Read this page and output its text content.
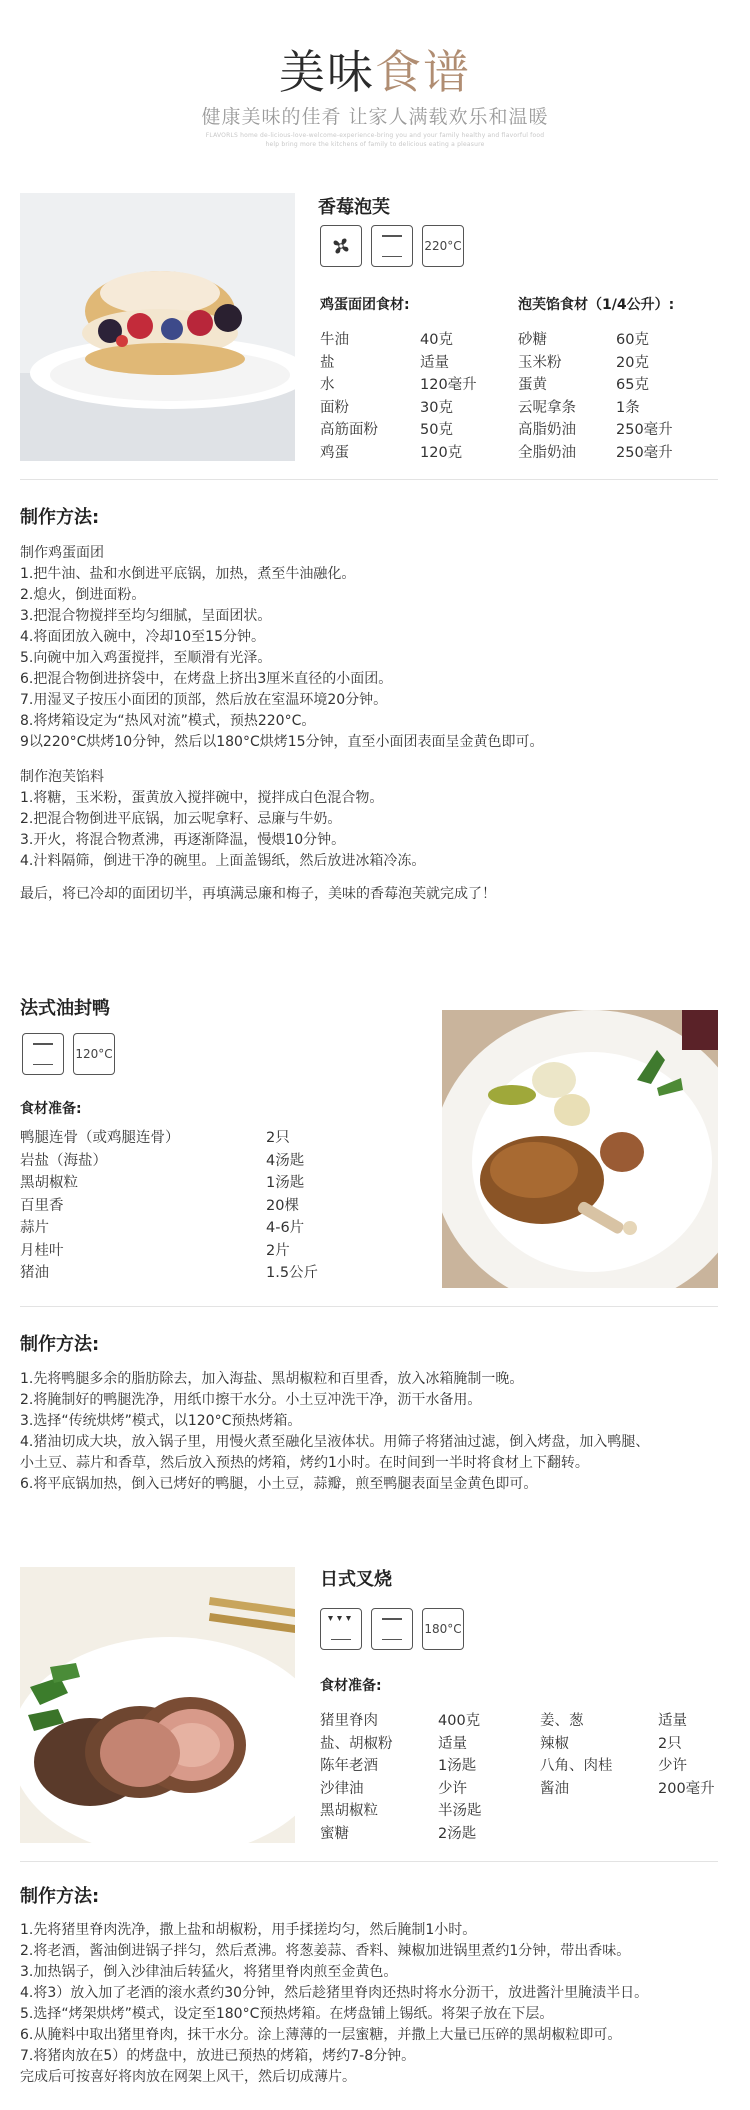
美味食谱
健康美味的佳肴 让家人满载欢乐和温暖
FLAVORLS home de-licious-love-welcome-experience-bring you and your family healthy and flavorful food help bring more the kitchens of family to delicious eating a pleasure
香莓泡芙
220°C
鸡蛋面团食材:	泡芙馅食材（1/4公升）:
牛油	40克
盐	适量
水	120毫升
面粉	30克
高筋面粉	50克
鸡蛋	120克
砂糖	60克
玉米粉	20克
蛋黄	65克
云呢拿条	1条
高脂奶油	250毫升
全脂奶油	250毫升
制作方法:

制作鸡蛋面团

1.把牛油、盐和水倒进平底锅，加热，煮至牛油融化。

2.熄火，倒进面粉。

3.把混合物搅拌至均匀细腻，呈面团状。

4.将面团放入碗中，冷却10至15分钟。

5.向碗中加入鸡蛋搅拌，至顺滑有光泽。

6.把混合物倒进挤袋中，在烤盘上挤出3厘米直径的小面团。

7.用湿叉子按压小面团的顶部，然后放在室温环境20分钟。

8.将烤箱设定为“热风对流”模式，预热220°C。

9以220°C烘烤10分钟，然后以180°C烘烤15分钟，直至小面团表面呈金黄色即可。

制作泡芙馅料

1.将糖，玉米粉，蛋黄放入搅拌碗中，搅拌成白色混合物。

2.把混合物倒进平底锅，加云呢拿籽、忌廉与牛奶。

3.开火，将混合物煮沸，再逐渐降温，慢煨10分钟。

4.汁料隔筛，倒进干净的碗里。上面盖锡纸，然后放进冰箱冷冻。

最后，将已冷却的面团切半，再填满忌廉和梅子，美味的香莓泡芙就完成了！

法式油封鸭
120°C
食材准备:
鸭腿连骨（或鸡腿连骨）	2只
岩盐（海盐）	4汤匙
黑胡椒粒	1汤匙
百里香	20棵
蒜片	4-6片
月桂叶	2片
猪油	1.5公斤
制作方法:

1.先将鸭腿多余的脂肪除去，加入海盐、黑胡椒粒和百里香，放入冰箱腌制一晚。

2.将腌制好的鸭腿洗净，用纸巾擦干水分。小土豆冲洗干净，沥干水备用。

3.选择“传统烘烤”模式，以120°C预热烤箱。

4.猪油切成大块，放入锅子里，用慢火煮至融化呈液体状。用筛子将猪油过滤，倒入烤盘，加入鸭腿、

小土豆、蒜片和香草，然后放入预热的烤箱，烤约1小时。在时间到一半时将食材上下翻转。

6.将平底锅加热，倒入已烤好的鸭腿，小土豆，蒜瓣，煎至鸭腿表面呈金黄色即可。

日式叉烧
180°C
食材准备:
猪里脊肉	400克
盐、胡椒粉	适量
陈年老酒	1汤匙
沙律油	少许
黑胡椒粒	半汤匙
蜜糖	2汤匙
姜、葱	适量
辣椒	2只
八角、肉桂	少许
酱油	200毫升
制作方法:

1.先将猪里脊肉洗净，撒上盐和胡椒粉，用手揉搓均匀，然后腌制1小时。

2.将老酒，酱油倒进锅子拌匀，然后煮沸。将葱姜蒜、香料、辣椒加进锅里煮约1分钟，带出香味。

3.加热锅子，倒入沙律油后转猛火，将猪里脊肉煎至金黄色。

4.将3）放入加了老酒的滚水煮约30分钟，然后趁猪里脊肉还热时将水分沥干，放进酱汁里腌渍半日。

5.选择“烤架烘烤”模式，设定至180°C预热烤箱。在烤盘铺上锡纸。将架子放在下层。

6.从腌料中取出猪里脊肉，抹干水分。涂上薄薄的一层蜜糖，并撒上大量已压碎的黑胡椒粒即可。

7.将猪肉放在5）的烤盘中，放进已预热的烤箱，烤约7-8分钟。

完成后可按喜好将肉放在网架上风干，然后切成薄片。
